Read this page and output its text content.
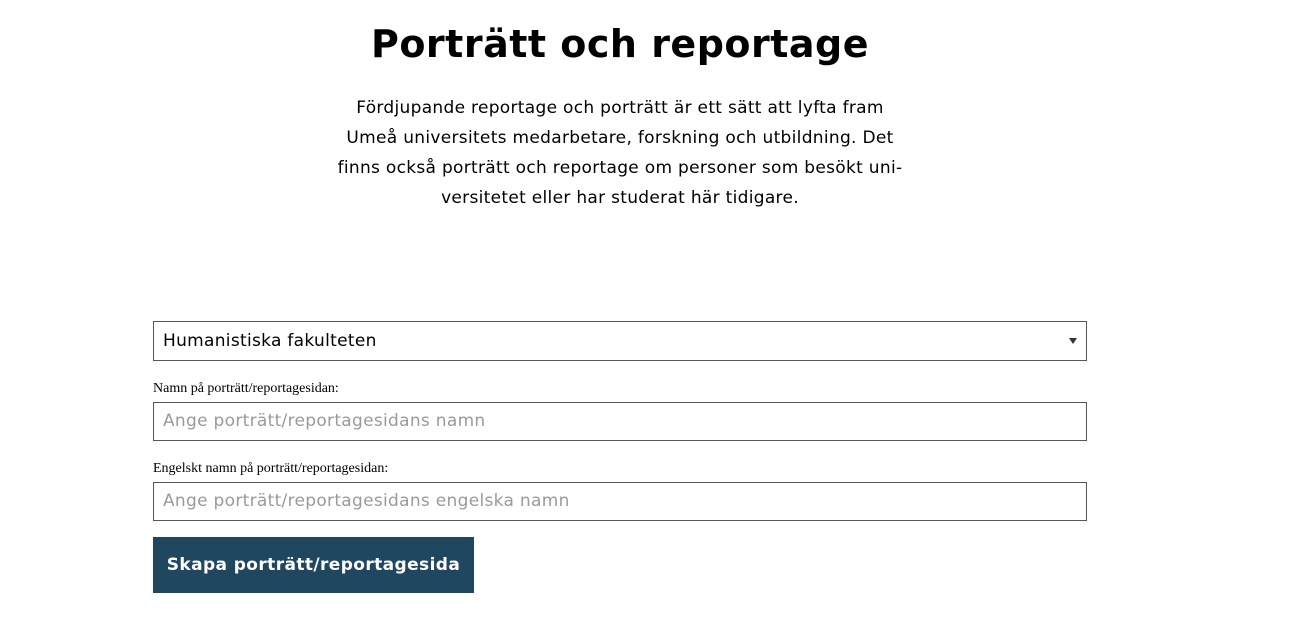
Porträtt och reportage
Fördjupande reportage och porträtt är ett sätt att lyfta fram
Umeå universitets medarbetare, forskning och utbildning. Det
finns också porträtt och reportage om personer som besökt uni-
versitetet eller har studerat här tidigare.
Humanistiska fakulteten
Namn på porträtt/reportagesidan:
Ange porträtt/reportagesidans namn
Engelskt namn på porträtt/reportagesidan:
Ange porträtt/reportagesidans engelska namn
Skapa porträtt/reportagesida
